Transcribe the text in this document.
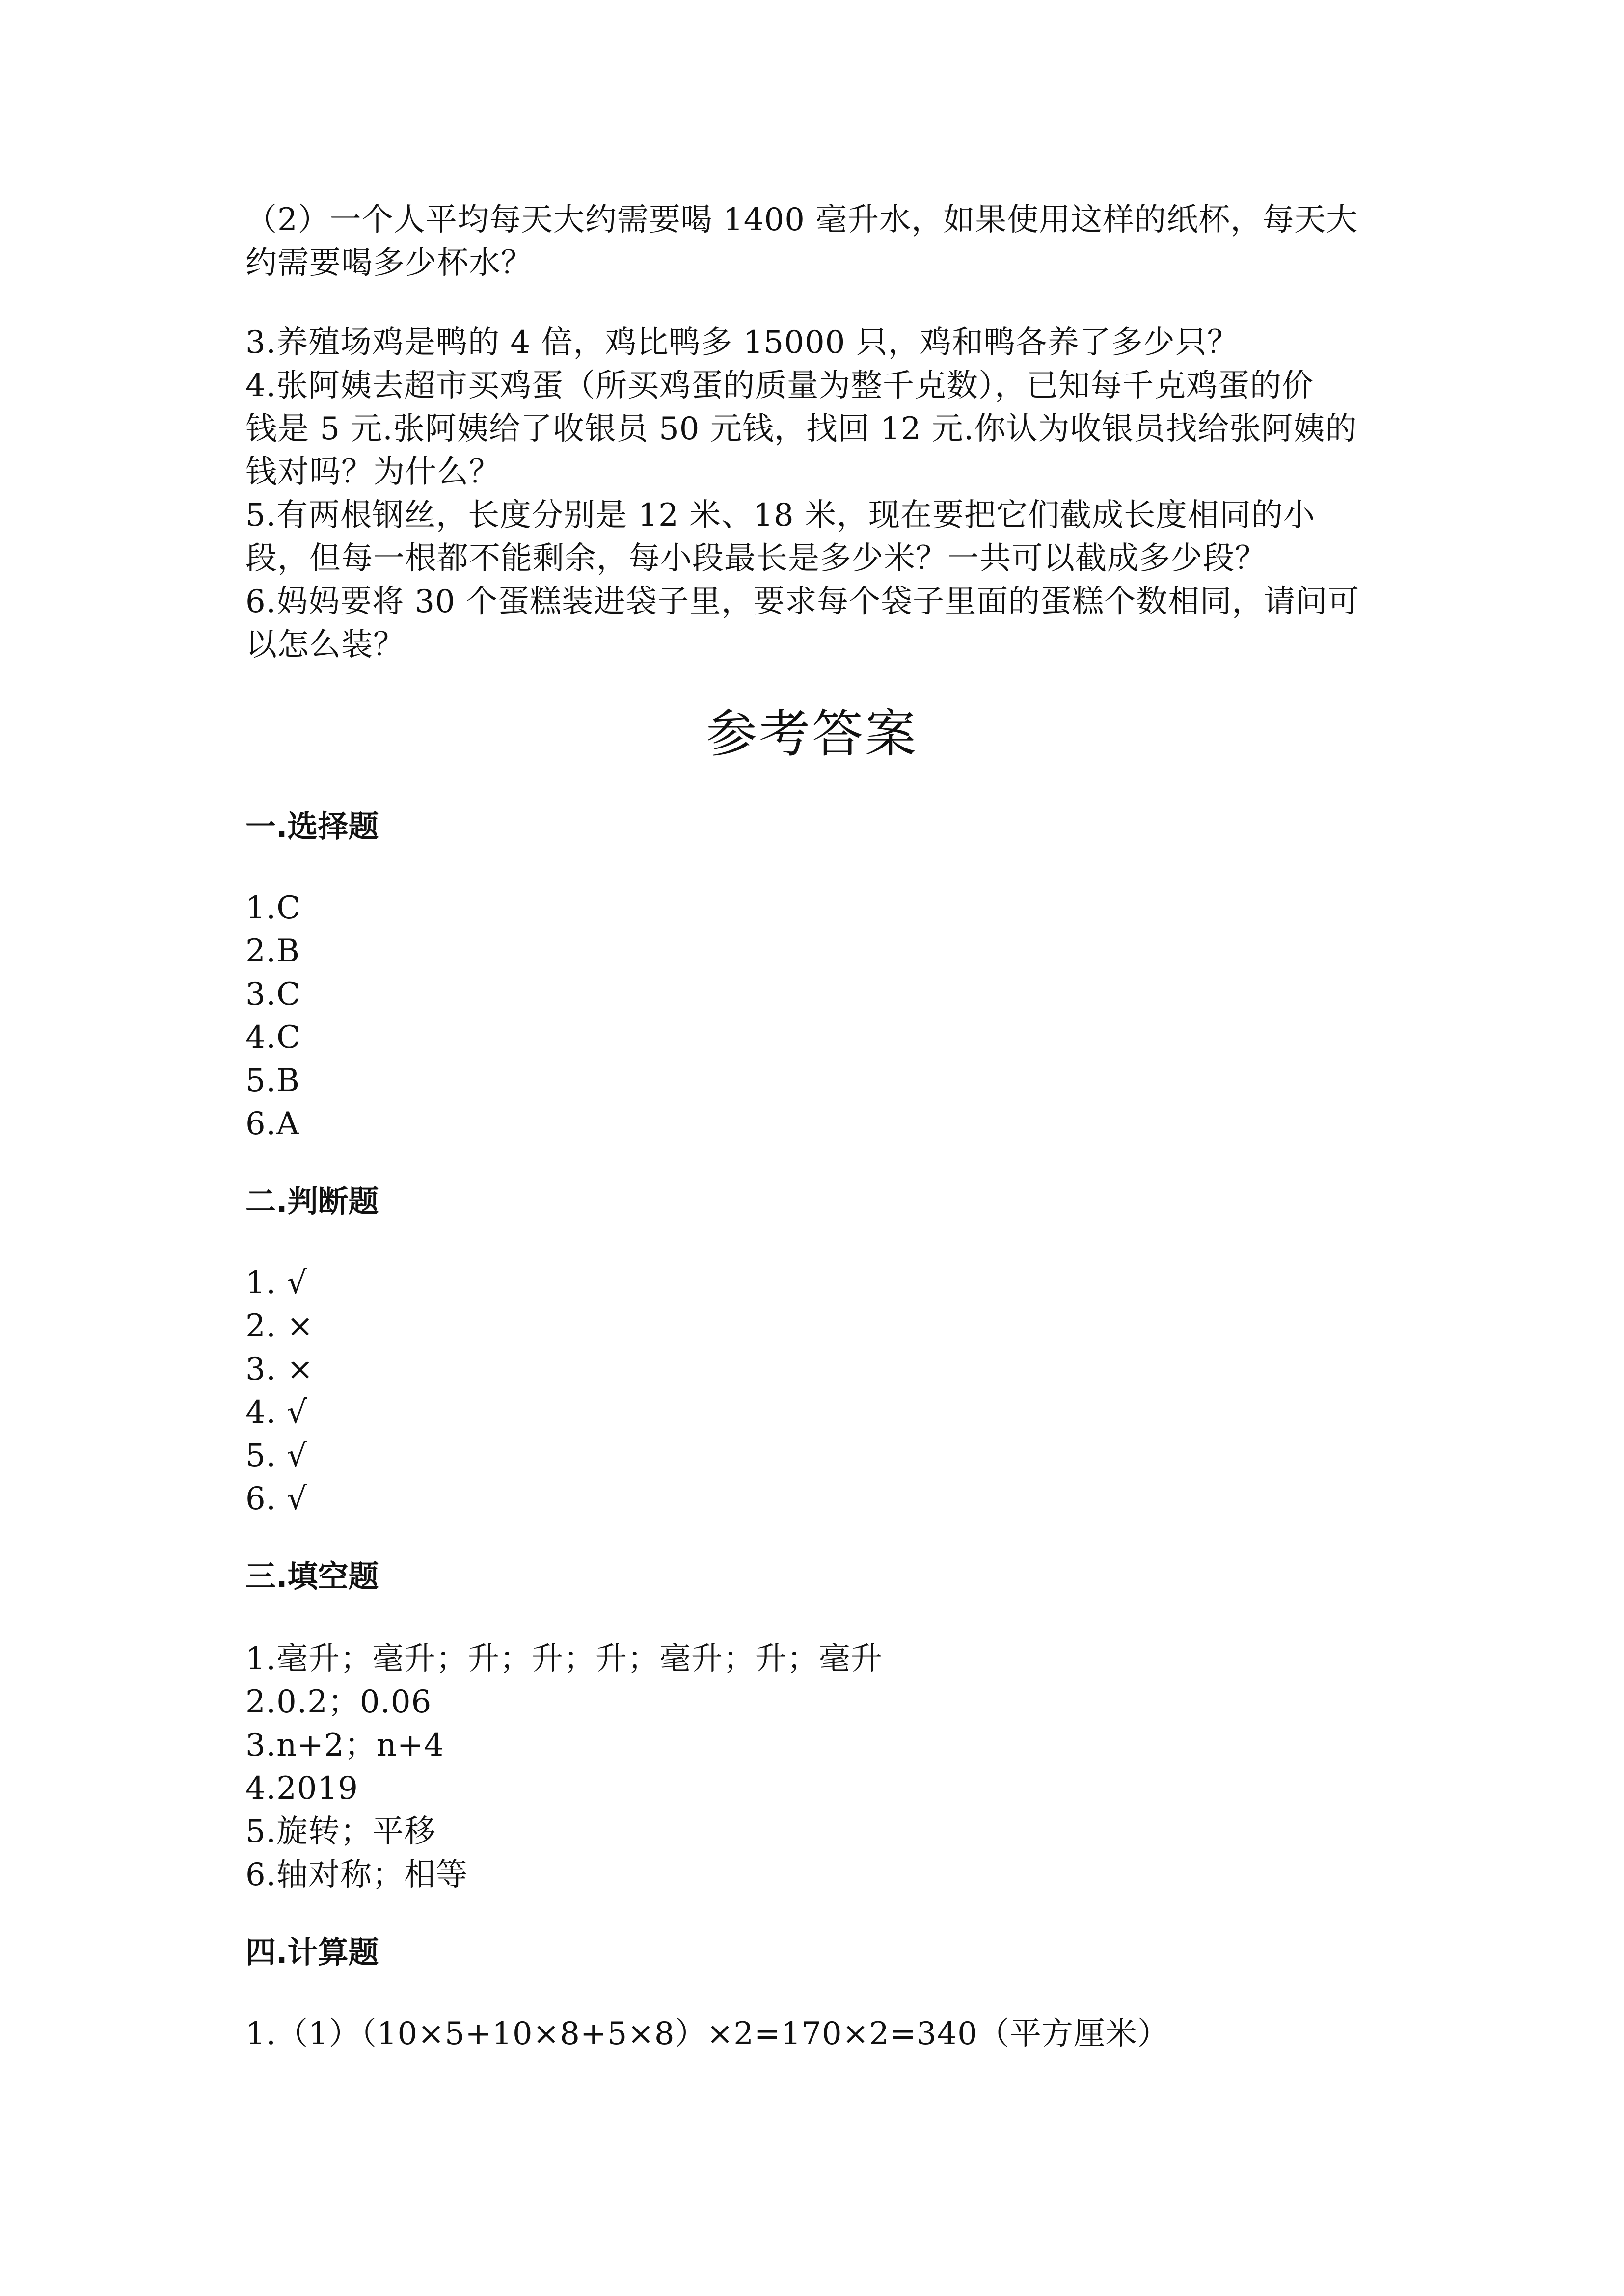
（2）一个人平均每天大约需要喝 1400 毫升水，如果使用这样的纸杯，每天大
约需要喝多少杯水？
3.养殖场鸡是鸭的 4 倍，鸡比鸭多 15000 只，鸡和鸭各养了多少只？
4.张阿姨去超市买鸡蛋（所买鸡蛋的质量为整千克数），已知每千克鸡蛋的价
钱是 5 元.张阿姨给了收银员 50 元钱，找回 12 元.你认为收银员找给张阿姨的
钱对吗？为什么？
5.有两根钢丝，长度分别是 12 米、18 米，现在要把它们截成长度相同的小
段，但每一根都不能剩余，每小段最长是多少米？一共可以截成多少段？
6.妈妈要将 30 个蛋糕装进袋子里，要求每个袋子里面的蛋糕个数相同，请问可
以怎么装？
参考答案
一.选择题
1.C
2.B
3.C
4.C
5.B
6.A
二.判断题
1. √
2. ×
3. ×
4. √
5. √
6. √
三.填空题
1.毫升；毫升；升；升；升；毫升；升；毫升
2.0.2；0.06
3.n+2；n+4
4.2019
5.旋转；平移
6.轴对称；相等
四.计算题
1.（1）（10×5+10×8+5×8）×2=170×2=340（平方厘米）
